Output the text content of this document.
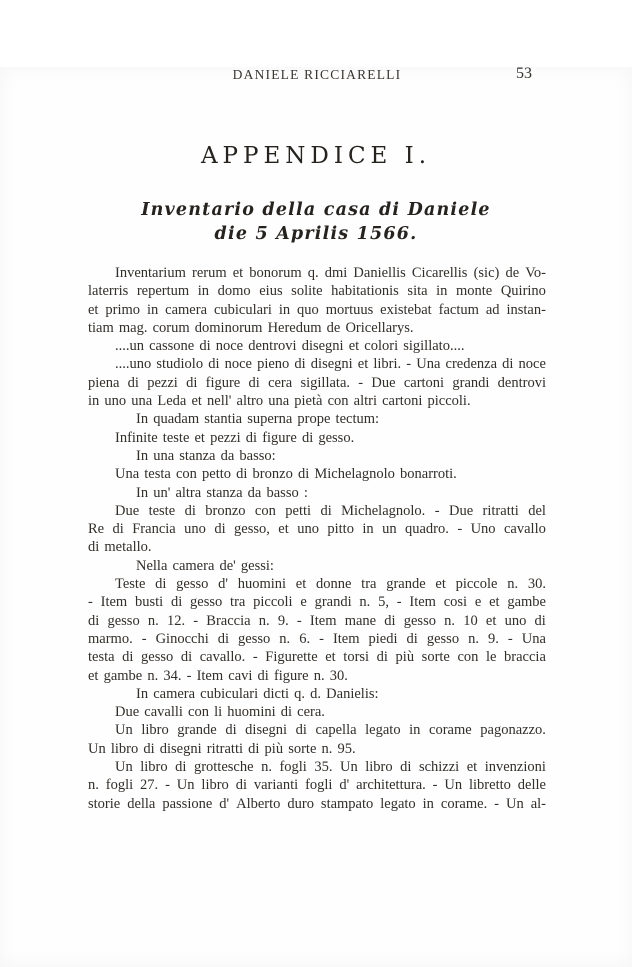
DANIELE RICCIARELLI	53
APPENDICE I.
Inventario della casa di Daniele
die 5 Aprilis 1566.
Inventarium rerum et bonorum q. dmi Daniellis Cicarellis (sic) de Vo-
laterris repertum in domo eius solite habitationis sita in monte Quirino
et primo in camera cubiculari in quo mortuus existebat factum ad instan-
tiam mag. corum dominorum Heredum de Oricellarys.
....un cassone di noce dentrovi disegni et colori sigillato....
....uno studiolo di noce pieno di disegni et libri. - Una credenza di noce
piena di pezzi di figure di cera sigillata. - Due cartoni grandi dentrovi
in uno una Leda et nell' altro una pietà con altri cartoni piccoli.
In quadam stantia superna prope tectum:
Infinite teste et pezzi di figure di gesso.
In una stanza da basso:
Una testa con petto di bronzo di Michelagnolo bonarroti.
In un' altra stanza da basso :
Due teste di bronzo con petti di Michelagnolo. - Due ritratti del
Re di Francia uno di gesso, et uno pitto in un quadro. - Uno cavallo
di metallo.
Nella camera de' gessi:
Teste di gesso d' huomini et donne tra grande et piccole n. 30.
- Item busti di gesso tra piccoli e grandi n. 5, - Item cosi e et gambe
di gesso n. 12. - Braccia n. 9. - Item mane di gesso n. 10 et uno di
marmo. - Ginocchi di gesso n. 6. - Item piedi di gesso n. 9. - Una
testa di gesso di cavallo. - Figurette et torsi di più sorte con le braccia
et gambe n. 34. - Item cavi di figure n. 30.
In camera cubiculari dicti q. d. Danielis:
Due cavalli con li huomini di cera.
Un libro grande di disegni di capella legato in corame pagonazzo.
Un libro di disegni ritratti di più sorte n. 95.
Un libro di grottesche n. fogli 35. Un libro di schizzi et invenzioni
n. fogli 27. - Un libro di varianti fogli d' architettura. - Un libretto delle
storie della passione d' Alberto duro stampato legato in corame. - Un al-
